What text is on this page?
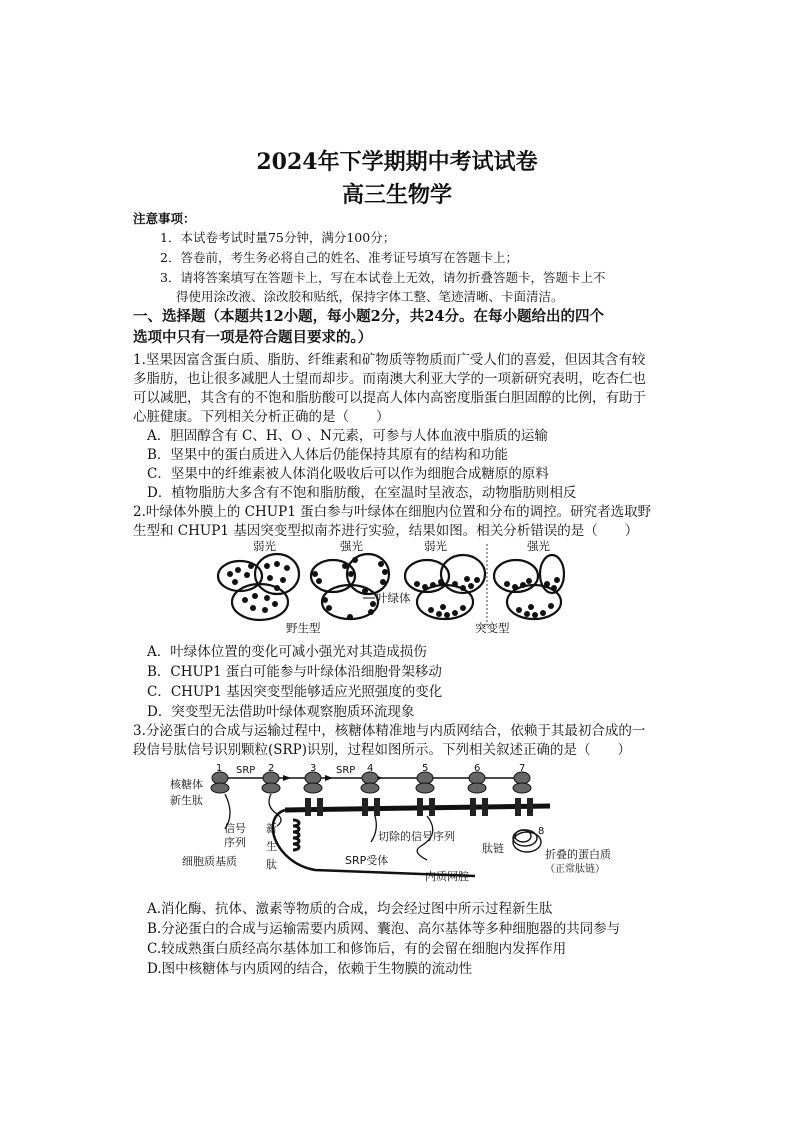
2024年下学期期中考试试卷
高三生物学
注意事项：
1．本试卷考试时量75分钟，满分100分；
2．答卷前，考生务必将自己的姓名、准考证号填写在答题卡上；
3．请将答案填写在答题卡上，写在本试卷上无效，请勿折叠答题卡，答题卡上不
得使用涂改液、涂改胶和贴纸，保持字体工整、笔迹清晰、卡面清洁。
一、选择题（本题共12小题，每小题2分，共24分。在每小题给出的四个
选项中只有一项是符合题目要求的。）
1.坚果因富含蛋白质、脂肪、纤维素和矿物质等物质而广受人们的喜爱，但因其含有较
多脂肪，也让很多减肥人士望而却步。而南澳大利亚大学的一项新研究表明，吃杏仁也
可以减肥，其含有的不饱和脂肪酸可以提高人体内高密度脂蛋白胆固醇的比例，有助于
心脏健康。下列相关分析正确的是（　　）
A．胆固醇含有 C、H、O 、N元素，可参与人体血液中脂质的运输
B．坚果中的蛋白质进入人体后仍能保持其原有的结构和功能
C．坚果中的纤维素被人体消化吸收后可以作为细胞合成糖原的原料
D．植物脂肪大多含有不饱和脂肪酸，在室温时呈液态，动物脂肪则相反
2.叶绿体外膜上的 CHUP1 蛋白参与叶绿体在细胞内位置和分布的调控。研究者选取野
生型和 CHUP1 基因突变型拟南芥进行实验，结果如图。相关分析错误的是（　　）
弱光	强光	弱光	强光
叶绿体
野生型	突变型
A．叶绿体位置的变化可减小强光对其造成损伤
B．CHUP1 蛋白可能参与叶绿体沿细胞骨架移动
C．CHUP1 基因突变型能够适应光照强度的变化
D．突变型无法借助叶绿体观察胞质环流现象
3.分泌蛋白的合成与运输过程中，核糖体精准地与内质网结合，依赖于其最初合成的一
段信号肽信号识别颗粒(SRP)识别，过程如图所示。下列相关叙述正确的是（　　）
核糖体
新生肽
SRP	SRP
信号
序列
新
生
肽
细胞质基质	SRP受体
切除的信号序列
肽链	折叠的蛋白质
（正常肽链）
内质网腔
1	2	3	4	5	6	7
8
A.消化酶、抗体、激素等物质的合成，均会经过图中所示过程新生肽
B.分泌蛋白的合成与运输需要内质网、囊泡、高尔基体等多种细胞器的共同参与
C.较成熟蛋白质经高尔基体加工和修饰后，有的会留在细胞内发挥作用
D.图中核糖体与内质网的结合，依赖于生物膜的流动性
